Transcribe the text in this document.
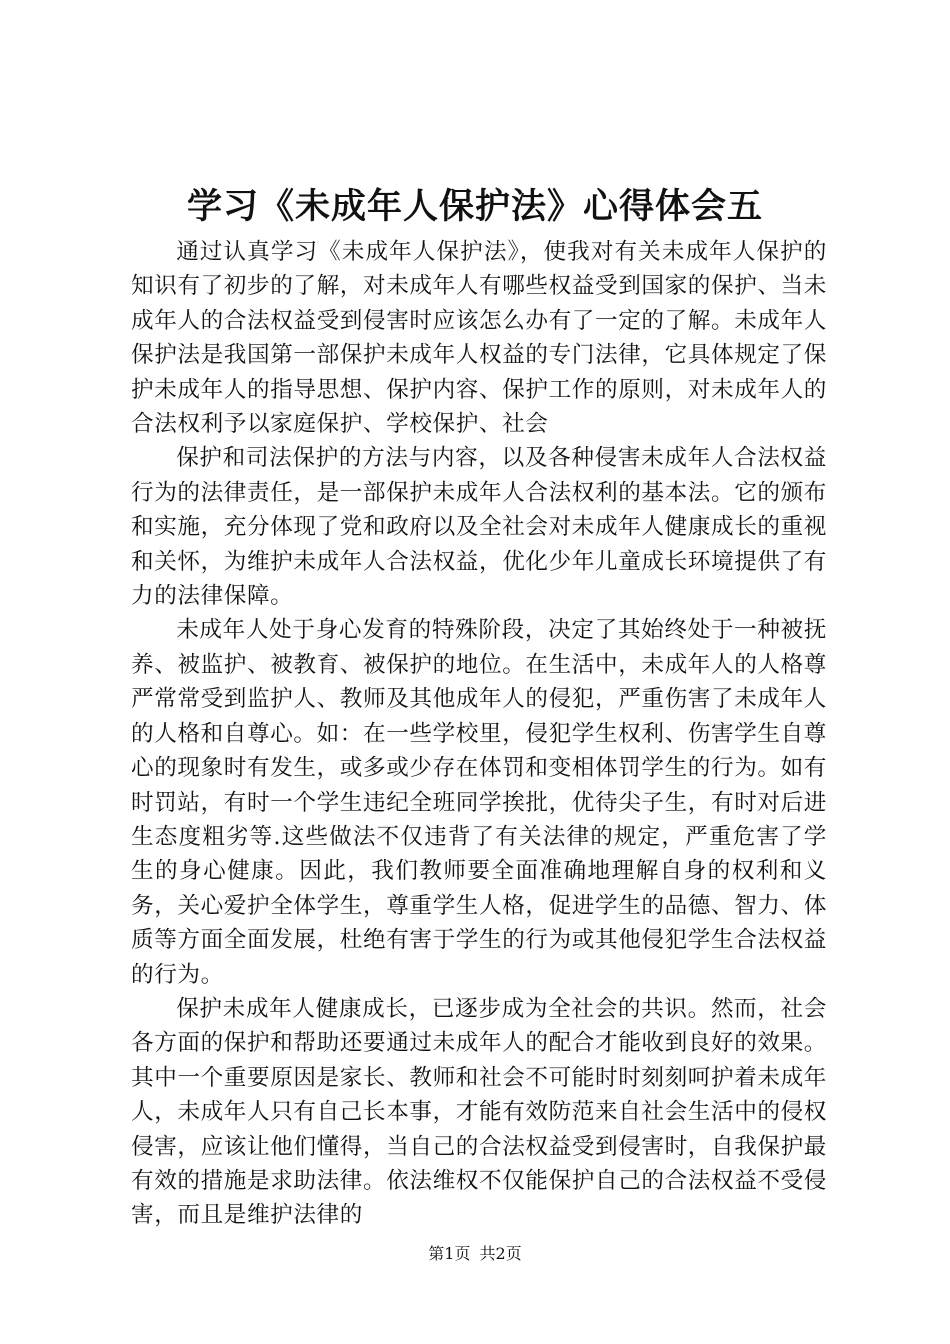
学习《未成年人保护法》心得体会五

通过认真学习《未成年人保护法》，使我对有关未成年人保护的知识有了初步的了解，对未成年人有哪些权益受到国家的保护、当未成年人的合法权益受到侵害时应该怎么办有了一定的了解。未成年人保护法是我国第一部保护未成年人权益的专门法律，它具体规定了保护未成年人的指导思想、保护内容、保护工作的原则，对未成年人的合法权利予以家庭保护、学校保护、社会

保护和司法保护的方法与内容，以及各种侵害未成年人合法权益行为的法律责任，是一部保护未成年人合法权利的基本法。它的颁布和实施，充分体现了党和政府以及全社会对未成年人健康成长的重视和关怀，为维护未成年人合法权益，优化少年儿童成长环境提供了有力的法律保障。

未成年人处于身心发育的特殊阶段，决定了其始终处于一种被抚养、被监护、被教育、被保护的地位。在生活中，未成年人的人格尊严常常受到监护人、教师及其他成年人的侵犯，严重伤害了未成年人的人格和自尊心。如：在一些学校里，侵犯学生权利、伤害学生自尊心的现象时有发生，或多或少存在体罚和变相体罚学生的行为。如有时罚站，有时一个学生违纪全班同学挨批，优待尖子生，有时对后进生态度粗劣等.这些做法不仅违背了有关法律的规定，严重危害了学生的身心健康。因此，我们教师要全面准确地理解自身的权利和义务，关心爱护全体学生，尊重学生人格，促进学生的品德、智力、体质等方面全面发展，杜绝有害于学生的行为或其他侵犯学生合法权益的行为。

保护未成年人健康成长，已逐步成为全社会的共识。然而，社会各方面的保护和帮助还要通过未成年人的配合才能收到良好的效果。其中一个重要原因是家长、教师和社会不可能时时刻刻呵护着未成年人，未成年人只有自己长本事，才能有效防范来自社会生活中的侵权侵害，应该让他们懂得，当自己的合法权益受到侵害时，自我保护最有效的措施是求助法律。依法维权不仅能保护自己的合法权益不受侵害，而且是维护法律的

第1页 共2页
